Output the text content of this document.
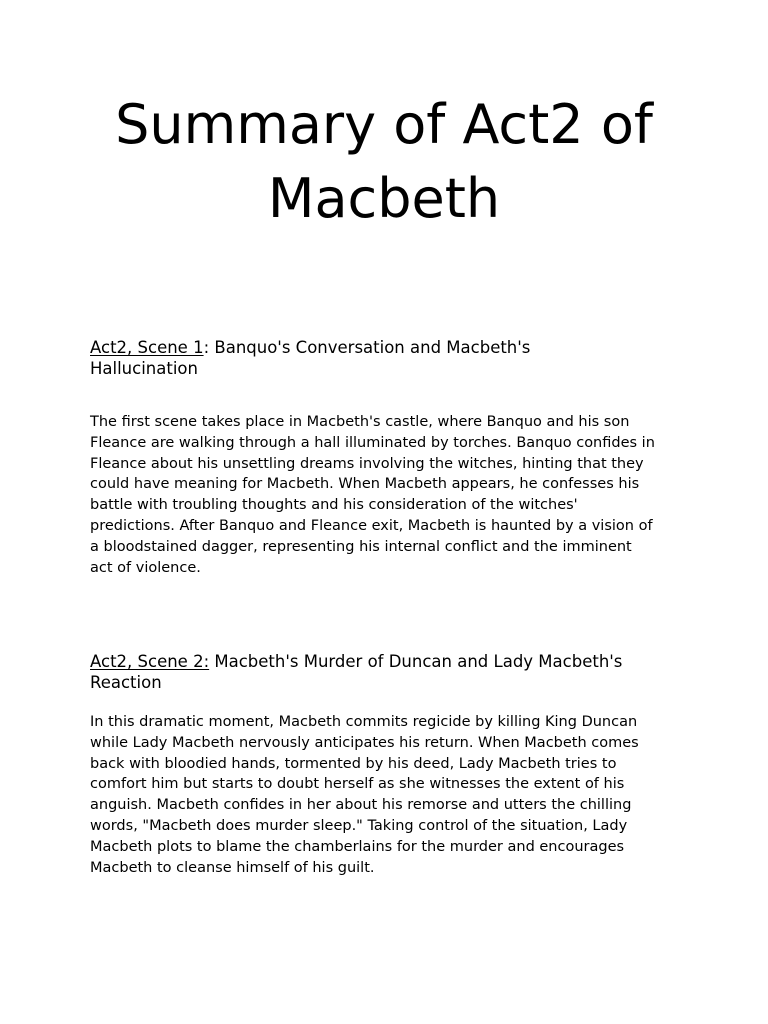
Summary of Act2 of
Macbeth
Act2, Scene 1: Banquo's Conversation and Macbeth's
Hallucination
The first scene takes place in Macbeth's castle, where Banquo and his son
Fleance are walking through a hall illuminated by torches. Banquo confides in
Fleance about his unsettling dreams involving the witches, hinting that they
could have meaning for Macbeth. When Macbeth appears, he confesses his
battle with troubling thoughts and his consideration of the witches'
predictions. After Banquo and Fleance exit, Macbeth is haunted by a vision of
a bloodstained dagger, representing his internal conflict and the imminent
act of violence.
Act2, Scene 2: Macbeth's Murder of Duncan and Lady Macbeth's
Reaction
In this dramatic moment, Macbeth commits regicide by killing King Duncan
while Lady Macbeth nervously anticipates his return. When Macbeth comes
back with bloodied hands, tormented by his deed, Lady Macbeth tries to
comfort him but starts to doubt herself as she witnesses the extent of his
anguish. Macbeth confides in her about his remorse and utters the chilling
words, "Macbeth does murder sleep." Taking control of the situation, Lady
Macbeth plots to blame the chamberlains for the murder and encourages
Macbeth to cleanse himself of his guilt.
